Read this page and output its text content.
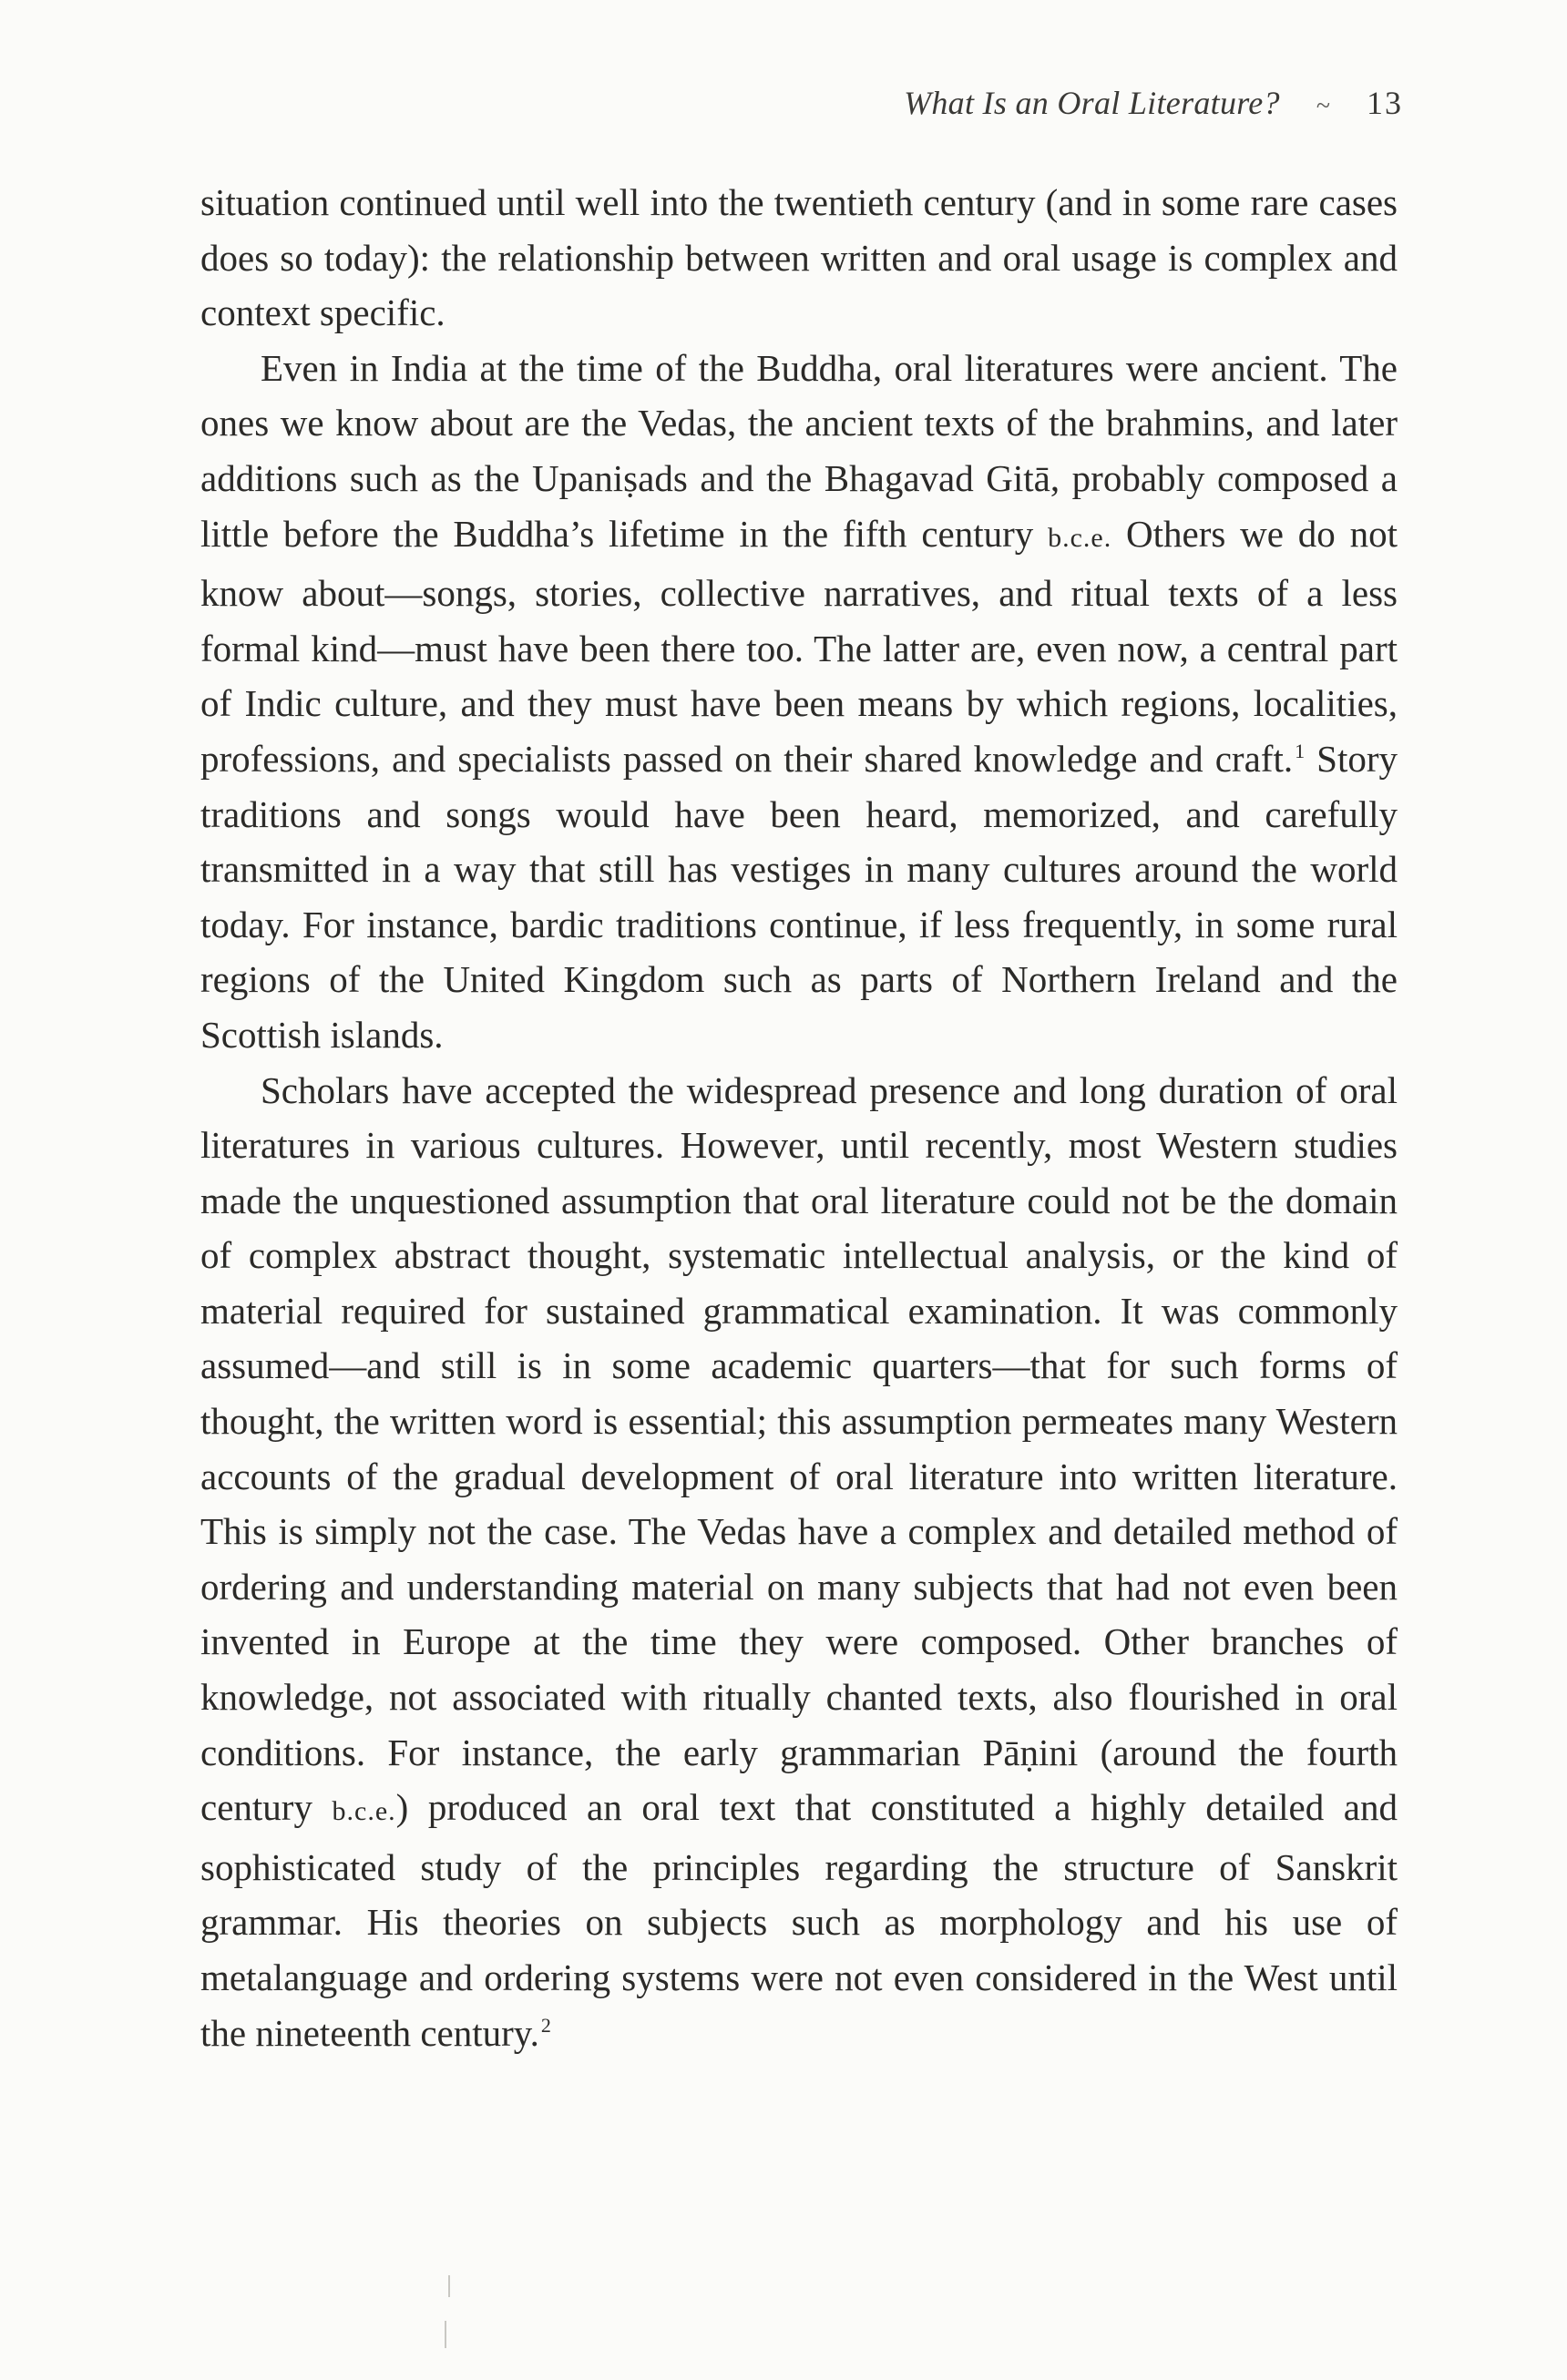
What Is an Oral Literature? ~ 13

situation continued until well into the twentieth century (and in some rare cases does so today): the relationship between written and oral usage is complex and context specific.

Even in India at the time of the Buddha, oral literatures were ancient. The ones we know about are the Vedas, the ancient texts of the brahmins, and later additions such as the Upaniṣads and the Bhagavad Gitā, probably composed a little before the Buddha’s lifetime in the fifth century b.c.e. Others we do not know about—songs, stories, collective narratives, and ritual texts of a less formal kind—must have been there too. The latter are, even now, a central part of Indic culture, and they must have been means by which regions, localities, professions, and specialists passed on their shared knowledge and craft.$^1$ Story traditions and songs would have been heard, memorized, and carefully transmitted in a way that still has vestiges in many cultures around the world today. For instance, bardic traditions continue, if less frequently, in some rural regions of the United Kingdom such as parts of Northern Ireland and the Scottish islands.

Scholars have accepted the widespread presence and long duration of oral literatures in various cultures. However, until recently, most Western studies made the unquestioned assumption that oral literature could not be the domain of complex abstract thought, systematic intellectual analysis, or the kind of material required for sustained grammatical examination. It was commonly assumed—and still is in some academic quarters—that for such forms of thought, the written word is essential; this assumption permeates many Western accounts of the gradual development of oral literature into written literature. This is simply not the case. The Vedas have a complex and detailed method of ordering and understanding material on many subjects that had not even been invented in Europe at the time they were composed. Other branches of knowledge, not associated with ritually chanted texts, also flourished in oral conditions. For instance, the early grammarian Pāṇini (around the fourth century b.c.e.) produced an oral text that constituted a highly detailed and sophisticated study of the principles regarding the structure of Sanskrit grammar. His theories on subjects such as morphology and his use of metalanguage and ordering systems were not even considered in the West until the nineteenth century.$^2$
